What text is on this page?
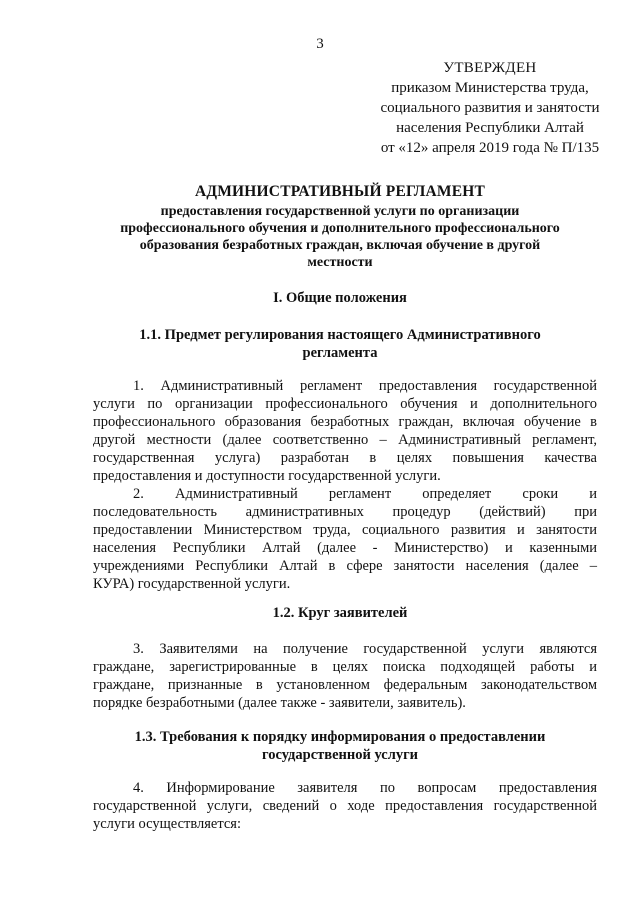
3
УТВЕРЖДЕН
приказом Министерства труда,
социального развития и занятости
населения Республики Алтай
от «12» апреля 2019 года № П/135
АДМИНИСТРАТИВНЫЙ РЕГЛАМЕНТ
предоставления государственной услуги по организации
профессионального обучения и дополнительного профессионального
образования безработных граждан, включая обучение в другой
местности
I. Общие положения
1.1. Предмет регулирования настоящего Административного
регламента
1. Административный регламент предоставления государственной
услуги по организации профессионального обучения и дополнительного
профессионального образования безработных граждан, включая обучение в
другой местности (далее соответственно – Административный регламент,
государственная услуга) разработан в целях повышения качества
предоставления и доступности государственной услуги.
2. Административный регламент определяет сроки и
последовательность административных процедур (действий) при
предоставлении Министерством труда, социального развития и занятости
населения Республики Алтай (далее - Министерство) и казенными
учреждениями Республики Алтай в сфере занятости населения (далее –
КУРА) государственной услуги.
1.2. Круг заявителей
3. Заявителями на получение государственной услуги являются
граждане, зарегистрированные в целях поиска подходящей работы и
граждане, признанные в установленном федеральным законодательством
порядке безработными (далее также - заявители, заявитель).
1.3. Требования к порядку информирования о предоставлении
государственной услуги
4. Информирование заявителя по вопросам предоставления
государственной услуги, сведений о ходе предоставления государственной
услуги осуществляется:
